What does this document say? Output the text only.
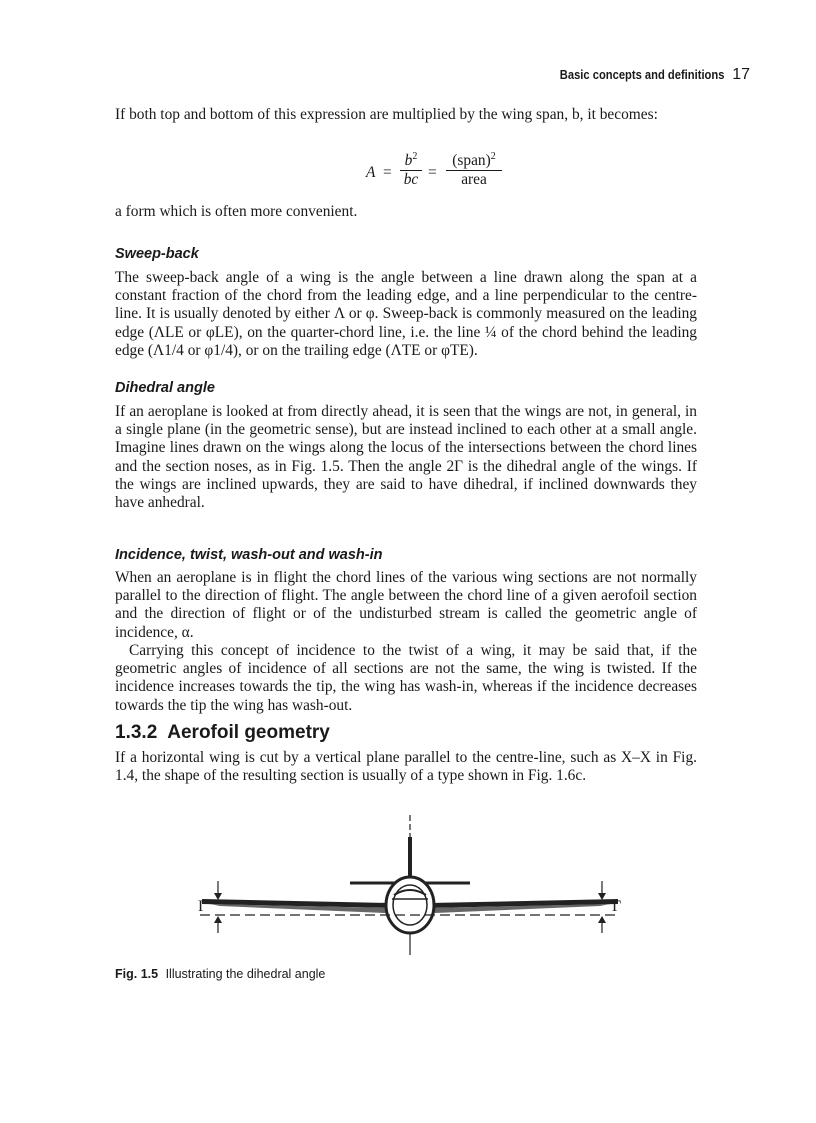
Basic concepts and definitions 17

If both top and bottom of this expression are multiplied by the wing span, b, it becomes:

A =
$b^2$
$b\overline{c}$ =
(span)$^2$
area

a form which is often more convenient.

Sweep-back

The sweep-back angle of a wing is the angle between a line drawn along the span at a constant fraction of the chord from the leading edge, and a line perpendicular to the centre-line. It is usually denoted by either Λ or φ. Sweep-back is commonly measured on the leading edge (ΛLE or φLE), on the quarter-chord line, i.e. the line ¼ of the chord behind the leading edge (Λ1/4 or φ1/4), or on the trailing edge (ΛTE or φTE).

Dihedral angle

If an aeroplane is looked at from directly ahead, it is seen that the wings are not, in general, in a single plane (in the geometric sense), but are instead inclined to each other at a small angle. Imagine lines drawn on the wings along the locus of the intersections between the chord lines and the section noses, as in Fig. 1.5. Then the angle 2Γ is the dihedral angle of the wings. If the wings are inclined upwards, they are said to have dihedral, if inclined downwards they have anhedral.

Incidence, twist, wash-out and wash-in

When an aeroplane is in flight the chord lines of the various wing sections are not normally parallel to the direction of flight. The angle between the chord line of a given aerofoil section and the direction of flight or of the undisturbed stream is called the geometric angle of incidence, α.

Carrying this concept of incidence to the twist of a wing, it may be said that, if the geometric angles of incidence of all sections are not the same, the wing is twisted. If the incidence increases towards the tip, the wing has wash-in, whereas if the incidence decreases towards the tip the wing has wash-out.

1.3.2 Aerofoil geometry

If a horizontal wing is cut by a vertical plane parallel to the centre-line, such as X–X in Fig. 1.4, the shape of the resulting section is usually of a type shown in Fig. 1.6c.

Γ	Γ
Fig. 1.5 Illustrating the dihedral angle
